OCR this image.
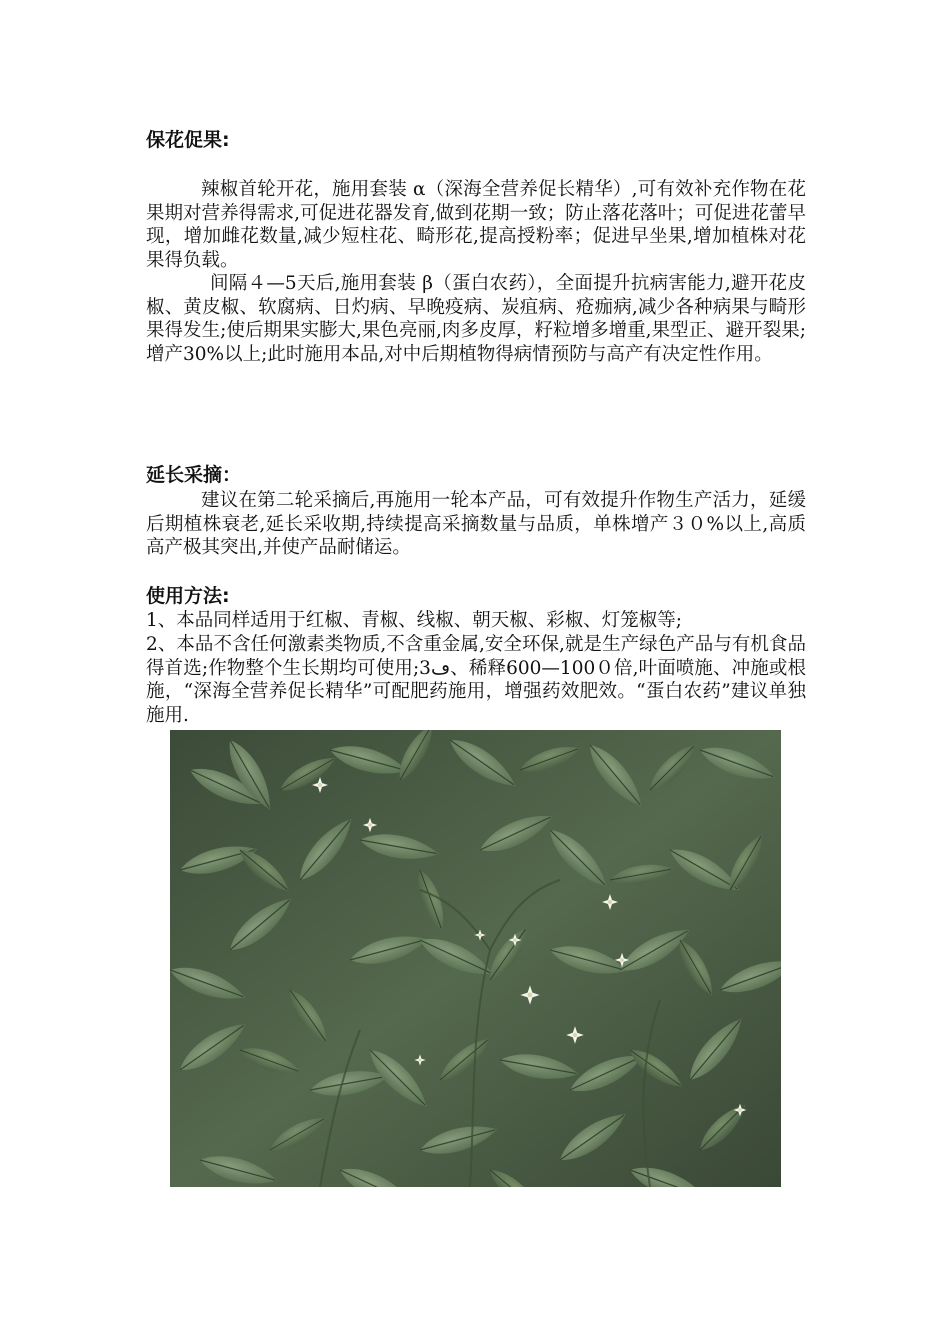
保花促果:

辣椒首轮开花，施用套装 α（深海全营养促长精华）,可有效补充作物在花果期对营养得需求,可促进花器发育,做到花期一致；防止落花落叶；可促进花蕾早现，增加雌花数量,减少短柱花、畸形花,提高授粉率；促进早坐果,增加植株对花果得负载。

间隔４—5天后,施用套装 β（蛋白农药），全面提升抗病害能力,避开花皮椒、黄皮椒、软腐病、日灼病、早晚疫病、炭疽病、疮痂病,减少各种病果与畸形果得发生;使后期果实膨大,果色亮丽,肉多皮厚，籽粒增多增重,果型正、避开裂果;增产30%以上;此时施用本品,对中后期植物得病情预防与高产有决定性作用。

延长采摘：

建议在第二轮采摘后,再施用一轮本产品，可有效提升作物生产活力，延缓后期植株衰老,延长采收期,持续提高采摘数量与品质，单株增产３０%以上,高质高产极其突出,并使产品耐储运。

使用方法:

1、本品同样适用于红椒、青椒、线椒、朝天椒、彩椒、灯笼椒等;

2、本品不含任何激素类物质,不含重金属,安全环保,就是生产绿色产品与有机食品得首选;作物整个生长期均可使用;3ڡ、稀释600—100０倍,叶面喷施、冲施或根施，“深海全营养促长精华”可配肥药施用，增强药效肥效。“蛋白农药”建议单独施用.
